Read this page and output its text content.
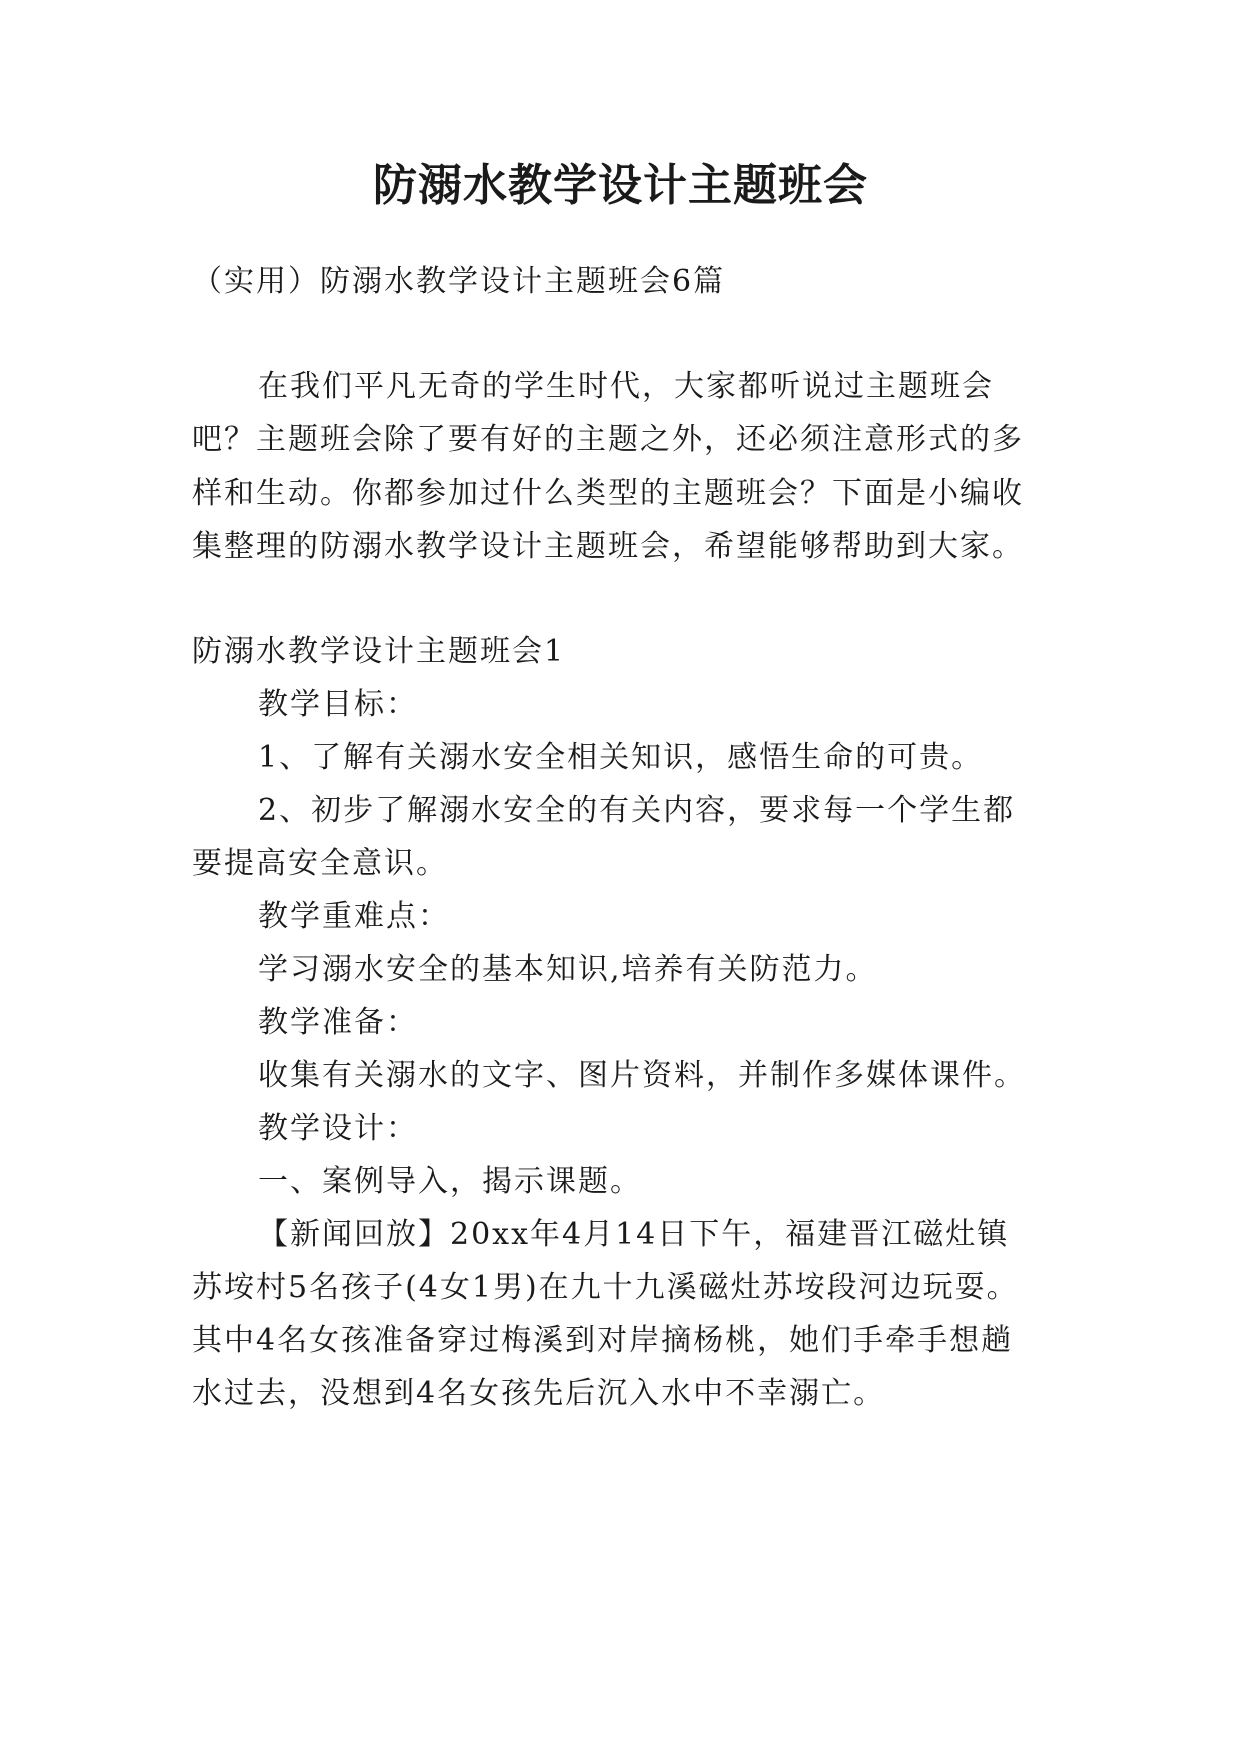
防溺水教学设计主题班会
（实用）防溺水教学设计主题班会6篇
在我们平凡无奇的学生时代，大家都听说过主题班会
吧？主题班会除了要有好的主题之外，还必须注意形式的多
样和生动。你都参加过什么类型的主题班会？下面是小编收
集整理的防溺水教学设计主题班会，希望能够帮助到大家。
防溺水教学设计主题班会1
教学目标：
1、了解有关溺水安全相关知识，感悟生命的可贵。
2、初步了解溺水安全的有关内容，要求每一个学生都
要提高安全意识。
教学重难点：
学习溺水安全的基本知识,培养有关防范力。
教学准备：
收集有关溺水的文字、图片资料，并制作多媒体课件。
教学设计：
一、案例导入，揭示课题。
【新闻回放】20xx年4月14日下午，福建晋江磁灶镇
苏垵村5名孩子(4女1男)在九十九溪磁灶苏垵段河边玩耍。
其中4名女孩准备穿过梅溪到对岸摘杨桃，她们手牵手想趟
水过去，没想到4名女孩先后沉入水中不幸溺亡。
